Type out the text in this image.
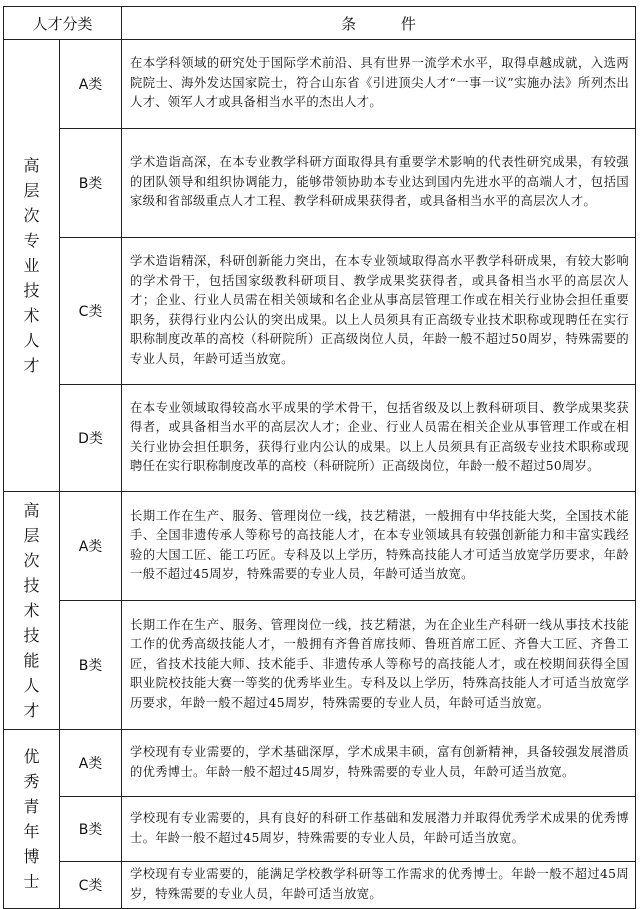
人才分类		条 件

高层次专业技术人才	A类	在本学科领域的研究处于国际学术前沿、具有世界一流学术水平，取得卓越成就，入选两院院士、海外发达国家院士，符合山东省《引进顶尖人才“一事一议”实施办法》所列杰出人才、领军人才或具备相当水平的杰出人才。
	B类	学术造诣高深，在本专业教学科研方面取得具有重要学术影响的代表性研究成果，有较强的团队领导和组织协调能力，能够带领协助本专业达到国内先进水平的高端人才，包括国家级和省部级重点人才工程、教学科研成果获得者，或具备相当水平的高层次人才。
	C类	学术造诣精深，科研创新能力突出，在本专业领域取得高水平教学科研成果，有较大影响的学术骨干，包括国家级教科研项目、教学成果奖获得者，或具备相当水平的高层次人才；企业、行业人员需在相关领域和名企业从事高层管理工作或在相关行业协会担任重要职务，获得行业内公认的突出成果。以上人员须具有正高级专业技术职称或现聘任在实行职称制度改革的高校（科研院所）正高级岗位人员，年龄一般不超过50周岁，特殊需要的专业人员，年龄可适当放宽。
	D类	在本专业领域取得较高水平成果的学术骨干，包括省级及以上教科研项目、教学成果奖获得者，或具备相当水平的高层次人才；企业、行业人员需在相关企业从事管理工作或在相关行业协会担任职务，获得行业内公认的成果。以上人员须具有正高级专业技术职称或现聘任在实行职称制度改革的高校（科研院所）正高级岗位，年龄一般不超过50周岁。

高层次技术技能人才	A类	长期工作在生产、服务、管理岗位一线，技艺精湛，一般拥有中华技能大奖，全国技术能手、全国非遗传承人等称号的高技能人才，在本专业领域具有较强创新能力和丰富实践经验的大国工匠、能工巧匠。专科及以上学历，特殊高技能人才可适当放宽学历要求，年龄一般不超过45周岁，特殊需要的专业人员，年龄可适当放宽。
	B类	长期工作在生产、服务、管理岗位一线，技艺精湛，为在企业生产科研一线从事技术技能工作的优秀高级技能人才，一般拥有齐鲁首席技师、鲁班首席工匠、齐鲁大工匠、齐鲁工匠，省技术技能大师、技术能手、非遗传承人等称号的高技能人才，或在校期间获得全国职业院校技能大赛一等奖的优秀毕业生。专科及以上学历，特殊高技能人才可适当放宽学历要求，年龄一般不超过45周岁，特殊需要的专业人员，年龄可适当放宽。

优秀青年博士	A类	学校现有专业需要的，学术基础深厚，学术成果丰硕，富有创新精神，具备较强发展潜质的优秀博士。年龄一般不超过45周岁，特殊需要的专业人员，年龄可适当放宽。
	B类	学校现有专业需要的，具有良好的科研工作基础和发展潜力并取得优秀学术成果的优秀博士。年龄一般不超过45周岁，特殊需要的专业人员，年龄可适当放宽。
	C类	学校现有专业需要的，能满足学校教学科研等工作需求的优秀博士。年龄一般不超过45周岁，特殊需要的专业人员，年龄可适当放宽。
